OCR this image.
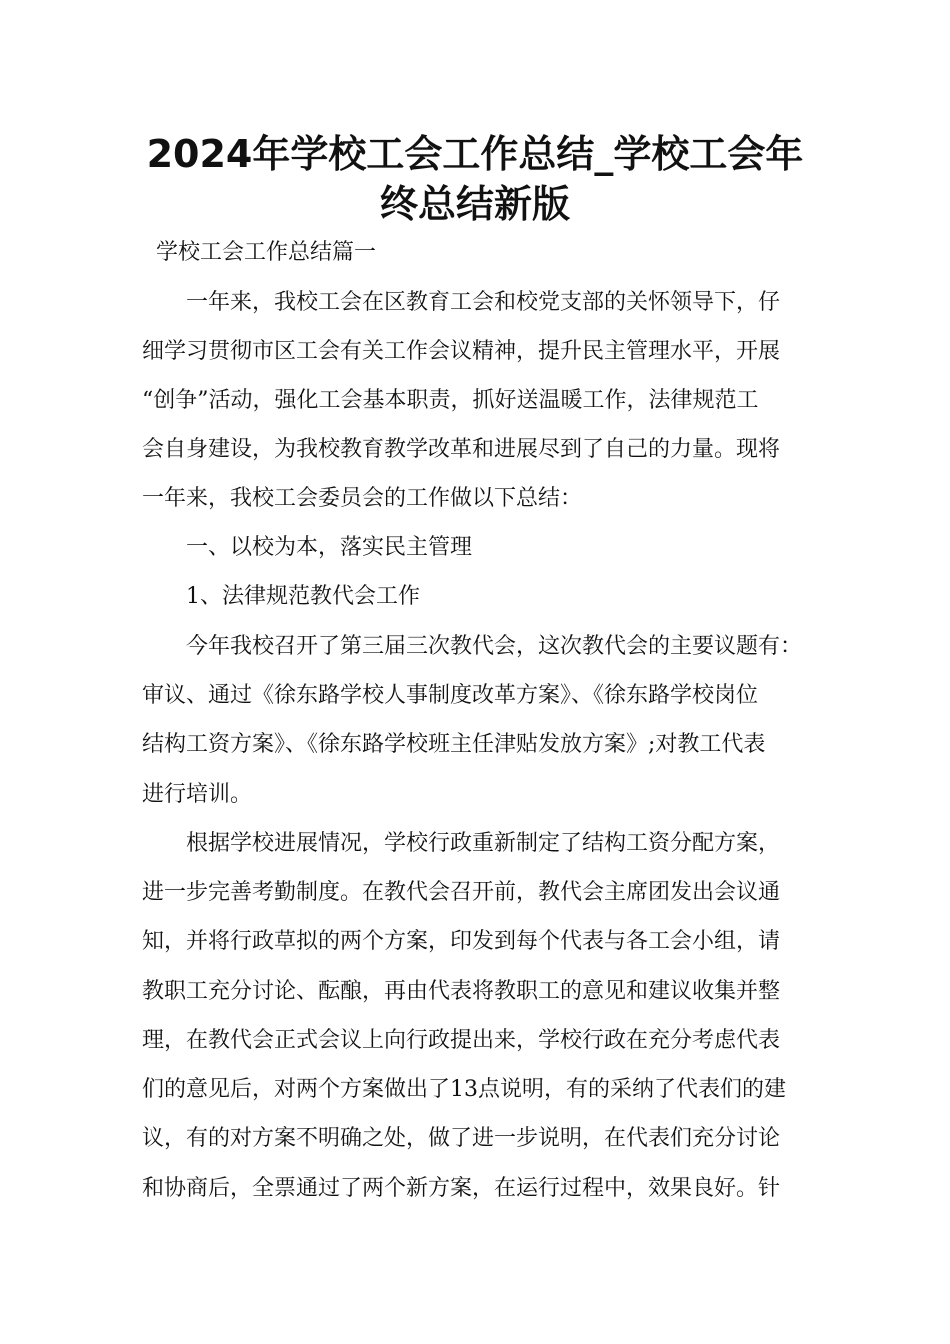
2024年学校工会工作总结_学校工会年
终总结新版

学校工会工作总结篇一

　　一年来，我校工会在区教育工会和校党支部的关怀领导下，仔

细学习贯彻市区工会有关工作会议精神，提升民主管理水平，开展

“创争”活动，强化工会基本职责，抓好送温暖工作，法律规范工

会自身建设，为我校教育教学改革和进展尽到了自己的力量。现将

一年来，我校工会委员会的工作做以下总结：

　　一、以校为本，落实民主管理

　　1、法律规范教代会工作

　　今年我校召开了第三届三次教代会，这次教代会的主要议题有：

审议、通过《徐东路学校人事制度改革方案》、《徐东路学校岗位

结构工资方案》、《徐东路学校班主任津贴发放方案》;对教工代表

进行培训。

　　根据学校进展情况，学校行政重新制定了结构工资分配方案，

进一步完善考勤制度。在教代会召开前，教代会主席团发出会议通

知，并将行政草拟的两个方案，印发到每个代表与各工会小组，请

教职工充分讨论、酝酿，再由代表将教职工的意见和建议收集并整

理，在教代会正式会议上向行政提出来，学校行政在充分考虑代表

们的意见后，对两个方案做出了13点说明，有的采纳了代表们的建

议，有的对方案不明确之处，做了进一步说明，在代表们充分讨论

和协商后，全票通过了两个新方案，在运行过程中，效果良好。针
